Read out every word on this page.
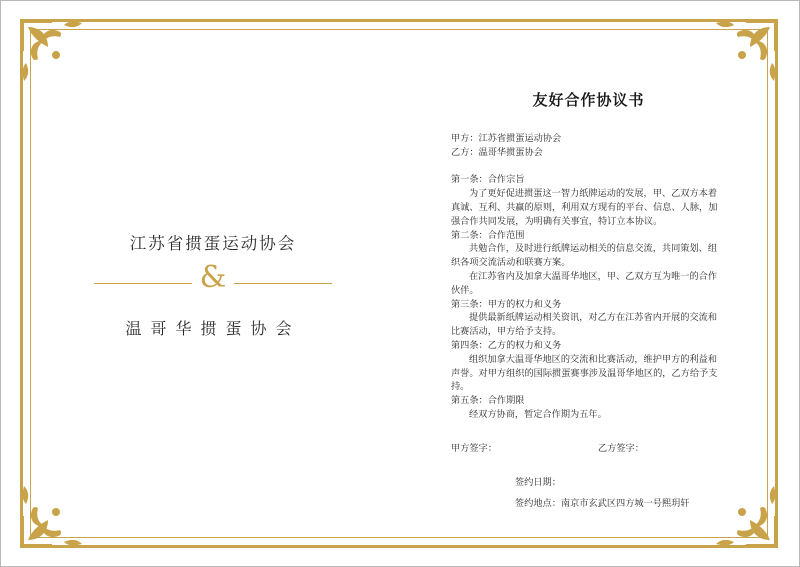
江苏省掼蛋运动协会

&

温哥华掼蛋协会

友好合作协议书

甲方：江苏省掼蛋运动协会

乙方：温哥华掼蛋协会

第一条：合作宗旨

为了更好促进掼蛋这一智力纸牌运动的发展，甲、乙双方本着真诚、互利、共赢的原则，利用双方现有的平台、信息、人脉，加强合作共同发展，为明确有关事宜，特订立本协议。

第二条：合作范围

共勉合作，及时进行纸牌运动相关的信息交流，共同策划、组织各项交流活动和联赛方案。

在江苏省内及加拿大温哥华地区，甲、乙双方互为唯一的合作伙伴。

第三条：甲方的权力和义务

提供最新纸牌运动相关资讯，对乙方在江苏省内开展的交流和比赛活动，甲方给予支持。

第四条：乙方的权力和义务

组织加拿大温哥华地区的交流和比赛活动，维护甲方的利益和声誉。对甲方组织的国际掼蛋赛事涉及温哥华地区的，乙方给予支持。

第五条：合作期限

经双方协商，暂定合作期为五年。

甲方签字：	乙方签字：

签约日期：

签约地点：南京市玄武区四方城一号熙玥轩
